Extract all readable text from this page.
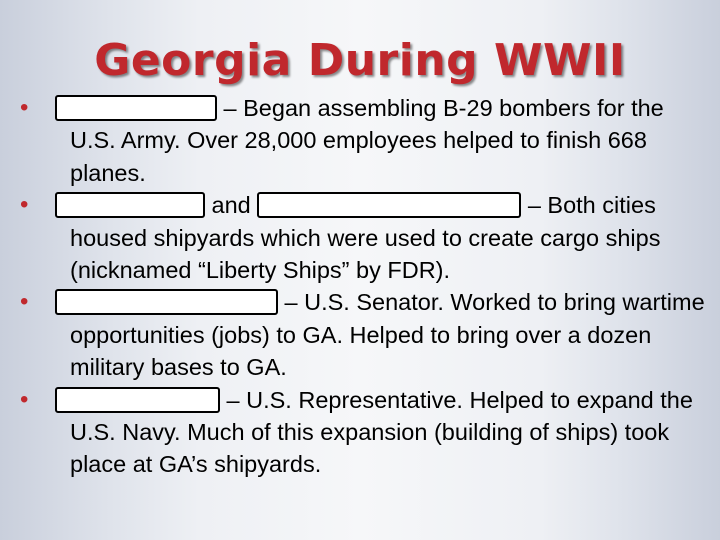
Georgia During WWII
•	– Began assembling B-29 bombers for the U.S. Army. Over 28,000 employees helped to finish 668 planes.
•	and	– Both cities housed shipyards which were used to create cargo ships (nicknamed “Liberty Ships” by FDR).
•	– U.S. Senator. Worked to bring wartime opportunities (jobs) to GA. Helped to bring over a dozen military bases to GA.
•	– U.S. Representative. Helped to expand the U.S. Navy. Much of this expansion (building of ships) took place at GA’s shipyards.
